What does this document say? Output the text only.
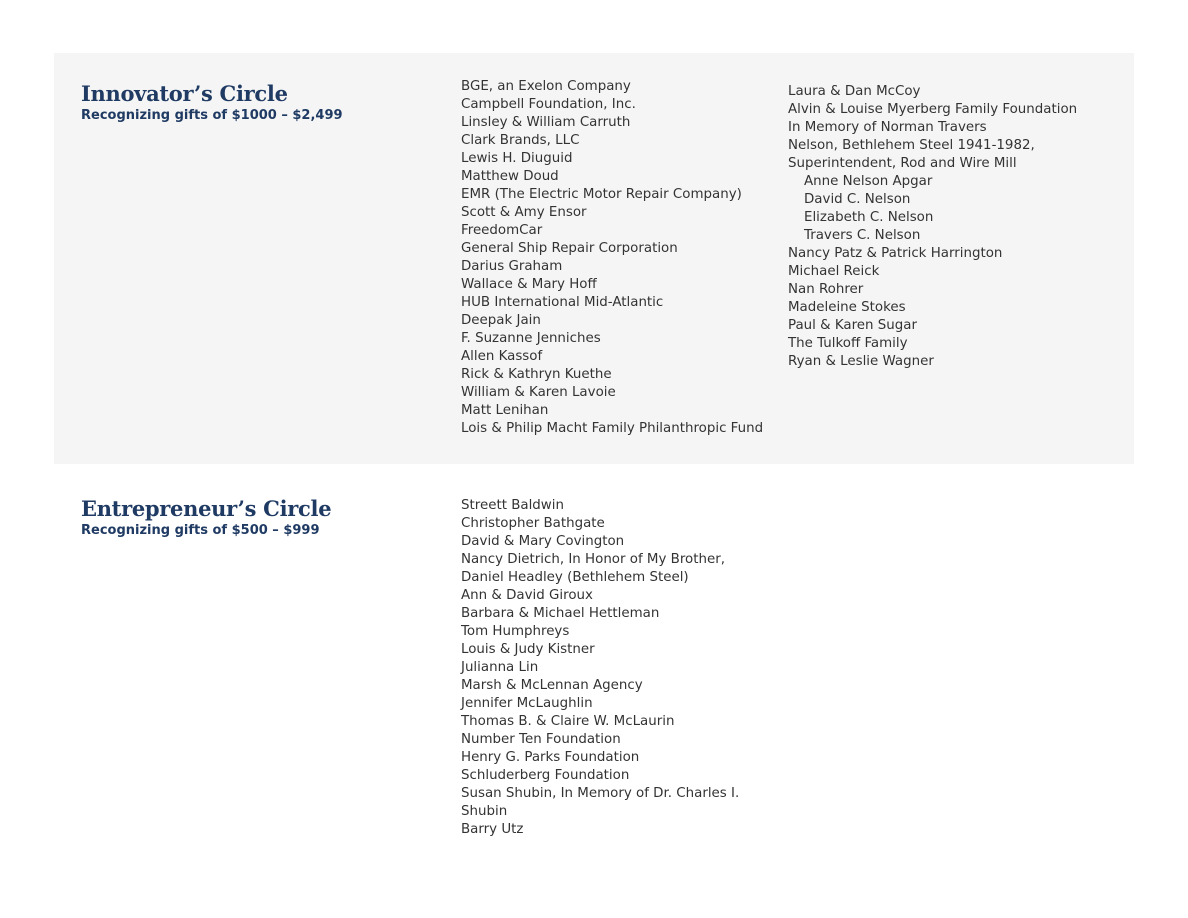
Innovator’s Circle
Recognizing gifts of $1000 – $2,499
BGE, an Exelon Company
Campbell Foundation, Inc.
Linsley & William Carruth
Clark Brands, LLC
Lewis H. Diuguid
Matthew Doud
EMR (The Electric Motor Repair Company)
Scott & Amy Ensor
FreedomCar
General Ship Repair Corporation
Darius Graham
Wallace & Mary Hoff
HUB International Mid-Atlantic
Deepak Jain
F. Suzanne Jenniches
Allen Kassof
Rick & Kathryn Kuethe
William & Karen Lavoie
Matt Lenihan
Lois & Philip Macht Family Philanthropic Fund
Laura & Dan McCoy
Alvin & Louise Myerberg Family Foundation
In Memory of Norman Travers
Nelson, Bethlehem Steel 1941-1982,
Superintendent, Rod and Wire Mill
Anne Nelson Apgar
David C. Nelson
Elizabeth C. Nelson
Travers C. Nelson
Nancy Patz & Patrick Harrington
Michael Reick
Nan Rohrer
Madeleine Stokes
Paul & Karen Sugar
The Tulkoff Family
Ryan & Leslie Wagner
Entrepreneur’s Circle
Recognizing gifts of $500 – $999
Streett Baldwin
Christopher Bathgate
David & Mary Covington
Nancy Dietrich, In Honor of My Brother,
Daniel Headley (Bethlehem Steel)
Ann & David Giroux
Barbara & Michael Hettleman
Tom Humphreys
Louis & Judy Kistner
Julianna Lin
Marsh & McLennan Agency
Jennifer McLaughlin
Thomas B. & Claire W. McLaurin
Number Ten Foundation
Henry G. Parks Foundation
Schluderberg Foundation
Susan Shubin, In Memory of Dr. Charles I.
Shubin
Barry Utz
